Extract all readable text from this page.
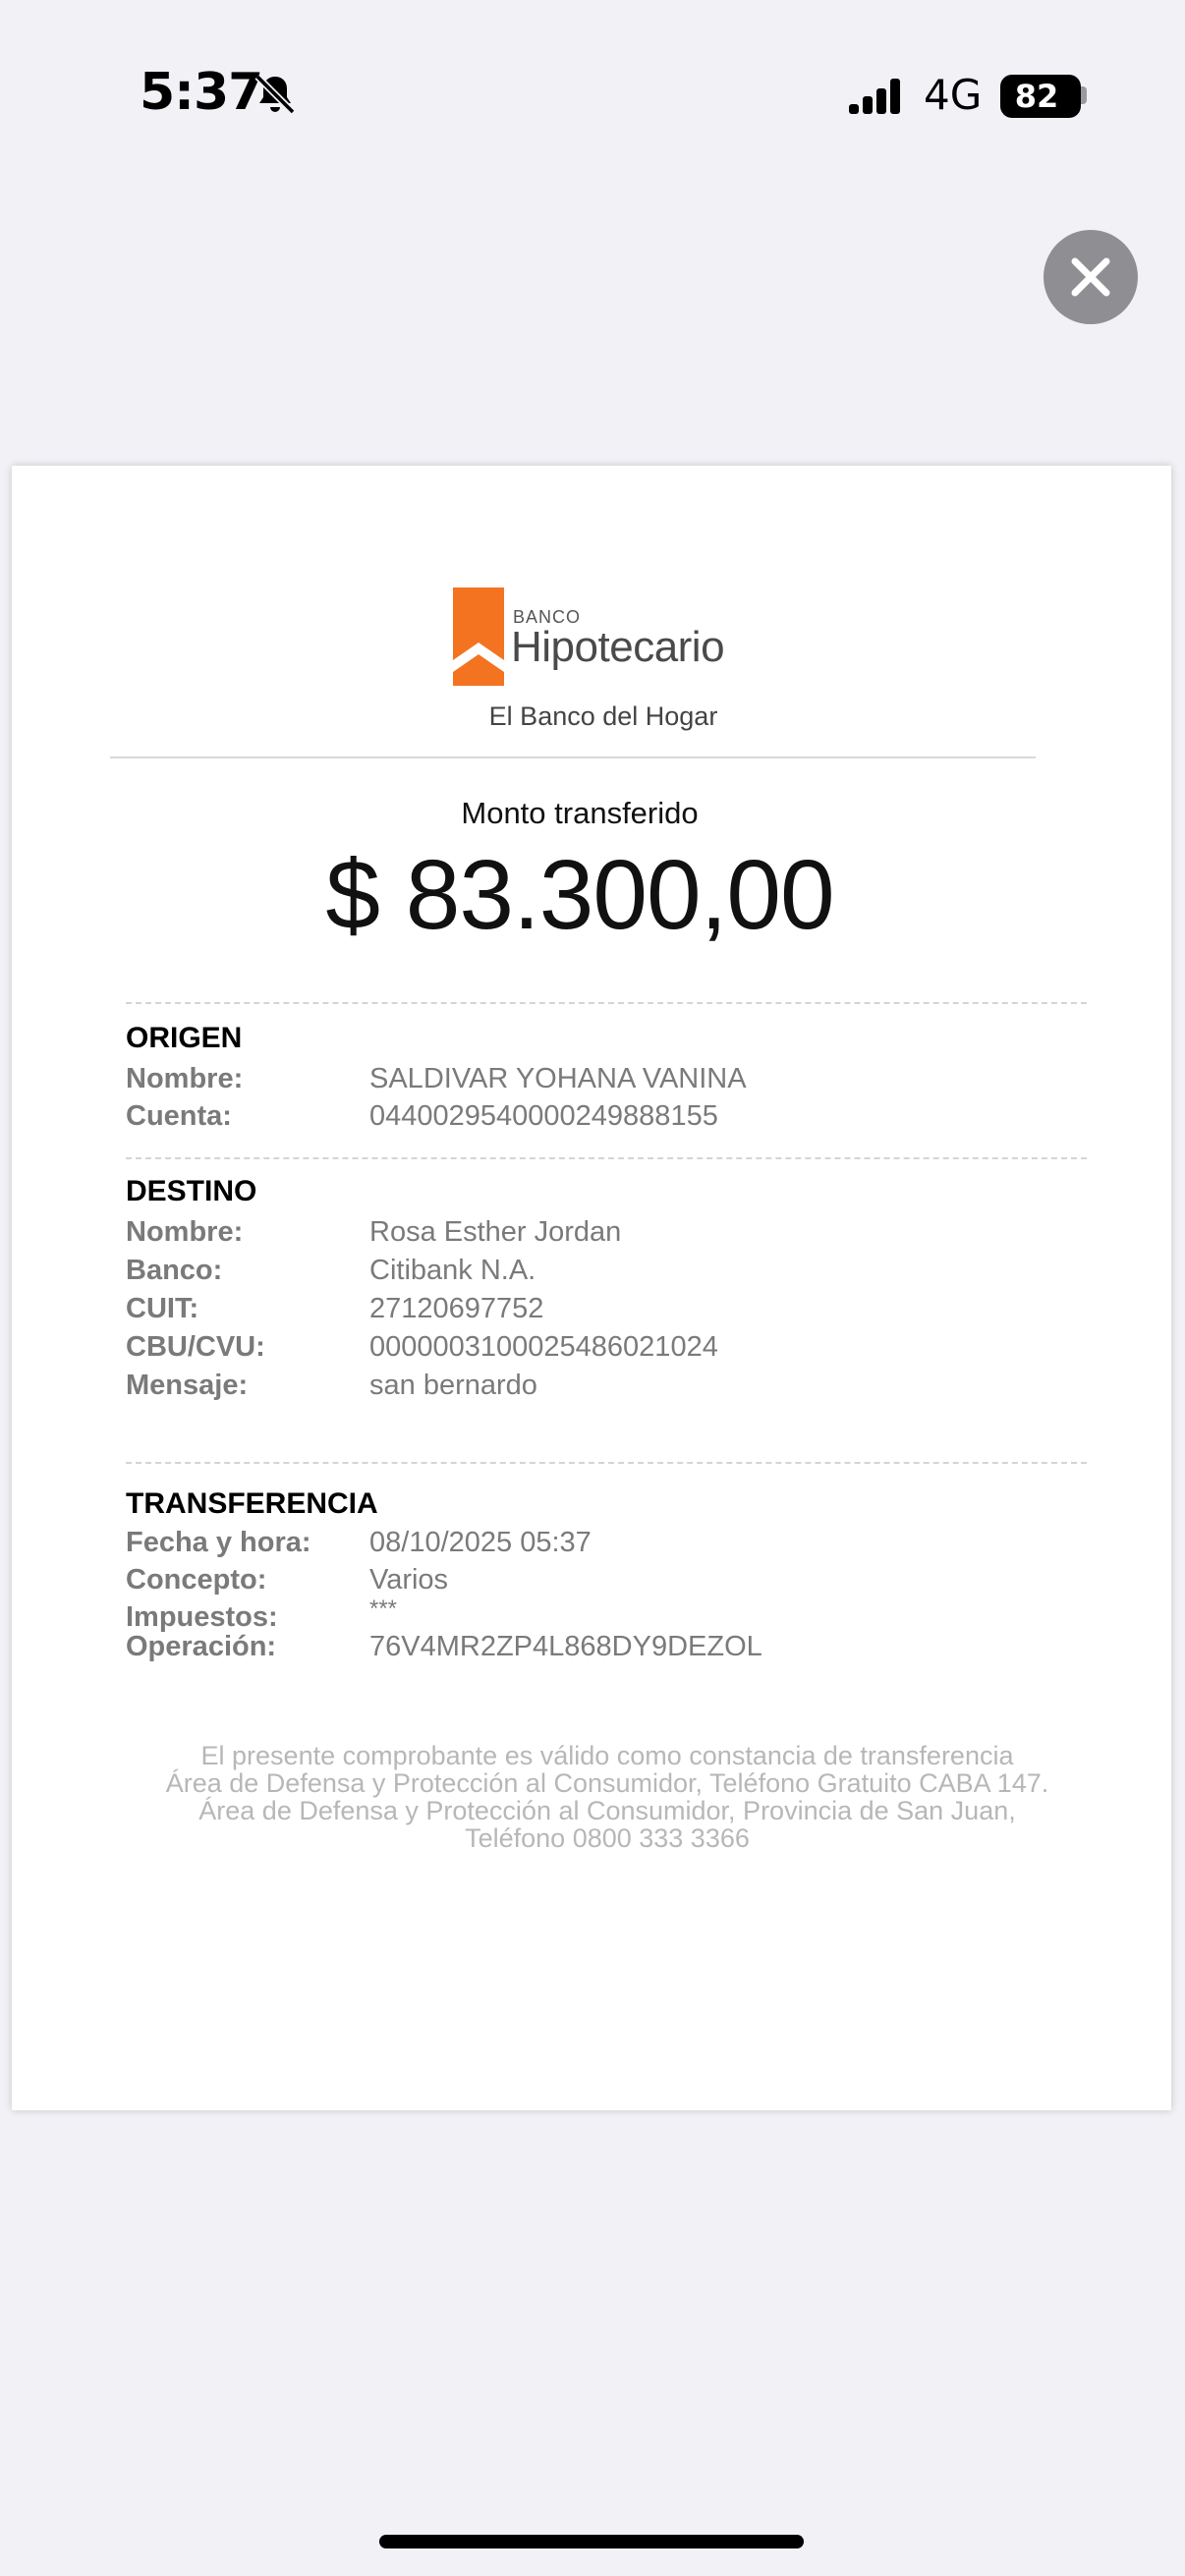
5:37	4G	82
BANCO
Hipotecario
El Banco del Hogar
Monto transferido
$ 83.300,00
ORIGEN
Nombre:	SALDIVAR YOHANA VANINA
Cuenta:	0440029540000249888155
DESTINO
Nombre:	Rosa Esther Jordan
Banco:	Citibank N.A.
CUIT:	27120697752
CBU/CVU:	0000003100025486021024
Mensaje:	san bernardo
TRANSFERENCIA
Fecha y hora: 08/10/2025 05:37
Concepto:	Varios
Impuestos:	***
Operación:	76V4MR2ZP4L868DY9DEZOL
El presente comprobante es válido como constancia de transferencia
Área de Defensa y Protección al Consumidor, Teléfono Gratuito CABA 147.
Área de Defensa y Protección al Consumidor, Provincia de San Juan,
Teléfono 0800 333 3366
